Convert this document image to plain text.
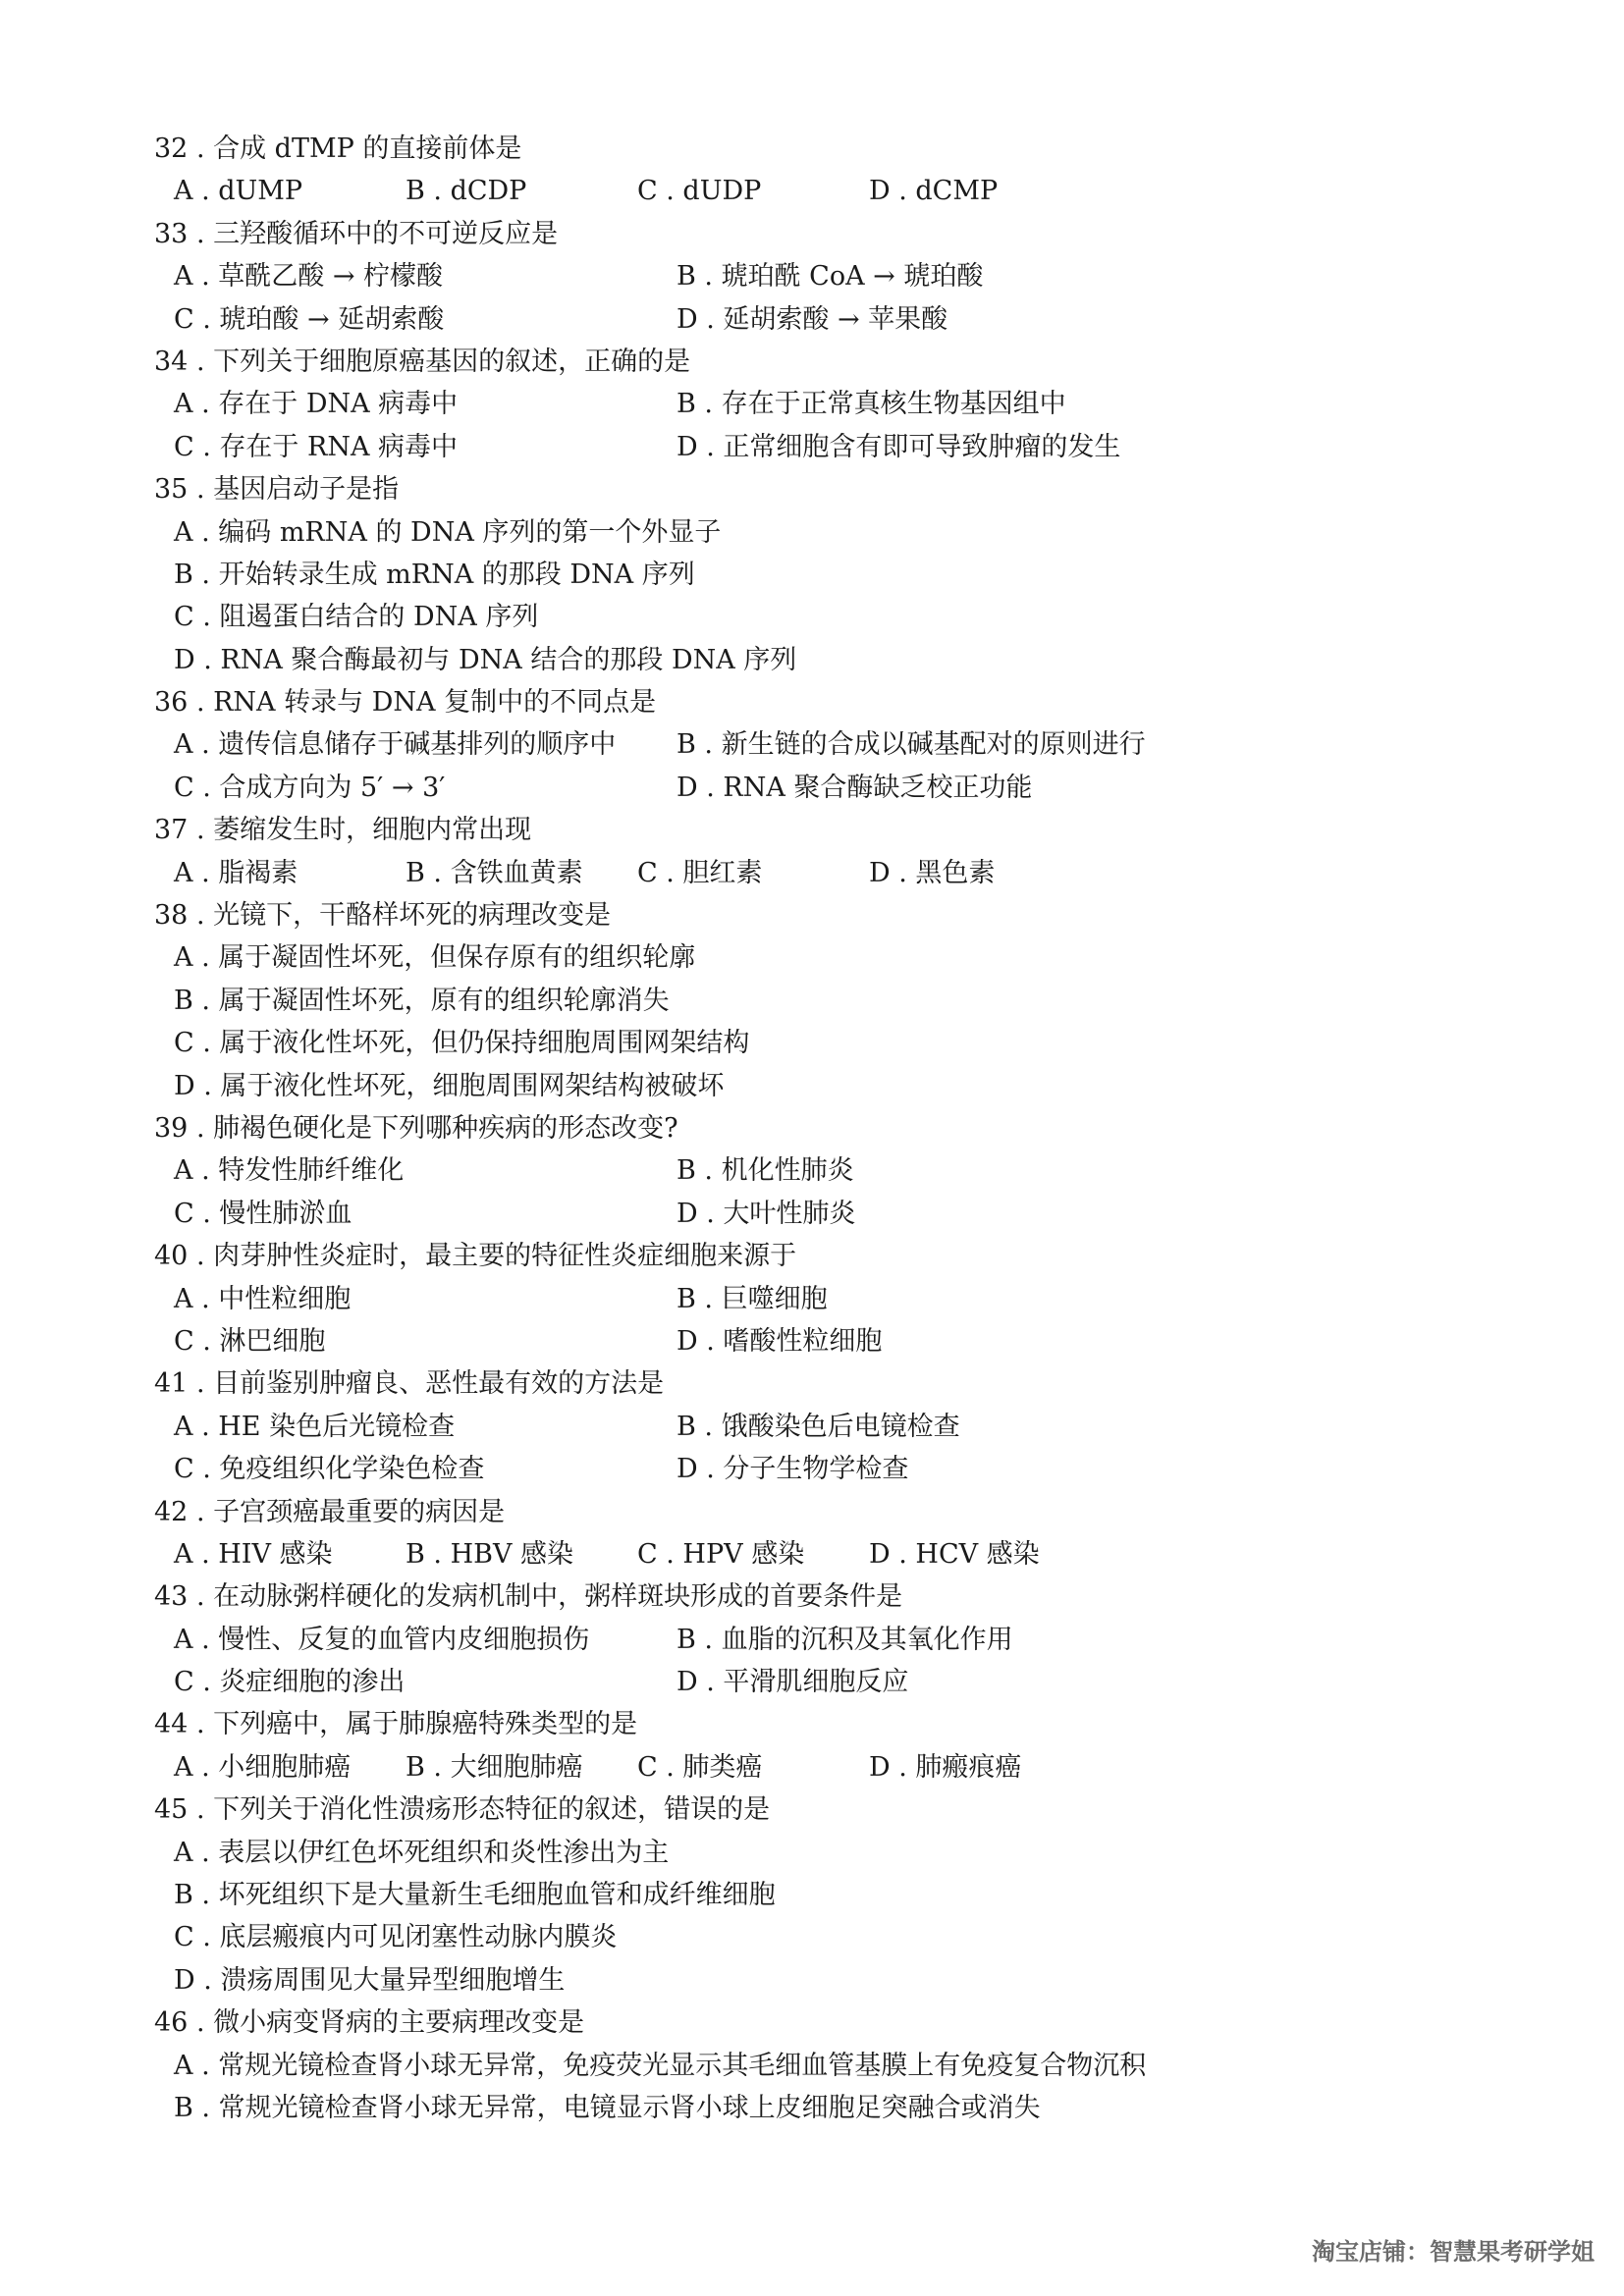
32 . 合成 dTMP 的直接前体是
A . dUMP	B . dCDP	C . dUDP	D . dCMP
33 . 三羟酸循环中的不可逆反应是
A . 草酰乙酸 → 柠檬酸	B . 琥珀酰 CoA → 琥珀酸
C . 琥珀酸 → 延胡索酸	D . 延胡索酸 → 苹果酸
34 . 下列关于细胞原癌基因的叙述，正确的是
A . 存在于 DNA 病毒中	B . 存在于正常真核生物基因组中
C . 存在于 RNA 病毒中	D . 正常细胞含有即可导致肿瘤的发生
35 . 基因启动子是指
A . 编码 mRNA 的 DNA 序列的第一个外显子
B . 开始转录生成 mRNA 的那段 DNA 序列
C . 阻遏蛋白结合的 DNA 序列
D . RNA 聚合酶最初与 DNA 结合的那段 DNA 序列
36 . RNA 转录与 DNA 复制中的不同点是
A . 遗传信息储存于碱基排列的顺序中	B . 新生链的合成以碱基配对的原则进行
C . 合成方向为 5′ → 3′	D . RNA 聚合酶缺乏校正功能
37 . 萎缩发生时，细胞内常出现
A . 脂褐素	B . 含铁血黄素	C . 胆红素	D . 黑色素
38 . 光镜下，干酪样坏死的病理改变是
A . 属于凝固性坏死，但保存原有的组织轮廓
B . 属于凝固性坏死，原有的组织轮廓消失
C . 属于液化性坏死，但仍保持细胞周围网架结构
D . 属于液化性坏死，细胞周围网架结构被破坏
39 . 肺褐色硬化是下列哪种疾病的形态改变?
A . 特发性肺纤维化	B . 机化性肺炎
C . 慢性肺淤血	D . 大叶性肺炎
40 . 肉芽肿性炎症时，最主要的特征性炎症细胞来源于
A . 中性粒细胞	B . 巨噬细胞
C . 淋巴细胞	D . 嗜酸性粒细胞
41 . 目前鉴别肿瘤良、恶性最有效的方法是
A . HE 染色后光镜检查	B . 饿酸染色后电镜检查
C . 免疫组织化学染色检查	D . 分子生物学检查
42 . 子宫颈癌最重要的病因是
A . HIV 感染	B . HBV 感染	C . HPV 感染	D . HCV 感染
43 . 在动脉粥样硬化的发病机制中，粥样斑块形成的首要条件是
A . 慢性、反复的血管内皮细胞损伤	B . 血脂的沉积及其氧化作用
C . 炎症细胞的渗出	D . 平滑肌细胞反应
44 . 下列癌中，属于肺腺癌特殊类型的是
A . 小细胞肺癌	B . 大细胞肺癌	C . 肺类癌	D . 肺瘢痕癌
45 . 下列关于消化性溃疡形态特征的叙述，错误的是
A . 表层以伊红色坏死组织和炎性渗出为主
B . 坏死组织下是大量新生毛细胞血管和成纤维细胞
C . 底层瘢痕内可见闭塞性动脉内膜炎
D . 溃疡周围见大量异型细胞增生
46 . 微小病变肾病的主要病理改变是
A . 常规光镜检查肾小球无异常，免疫荧光显示其毛细血管基膜上有免疫复合物沉积
B . 常规光镜检查肾小球无异常，电镜显示肾小球上皮细胞足突融合或消失
淘宝店铺：智慧果考研学姐
